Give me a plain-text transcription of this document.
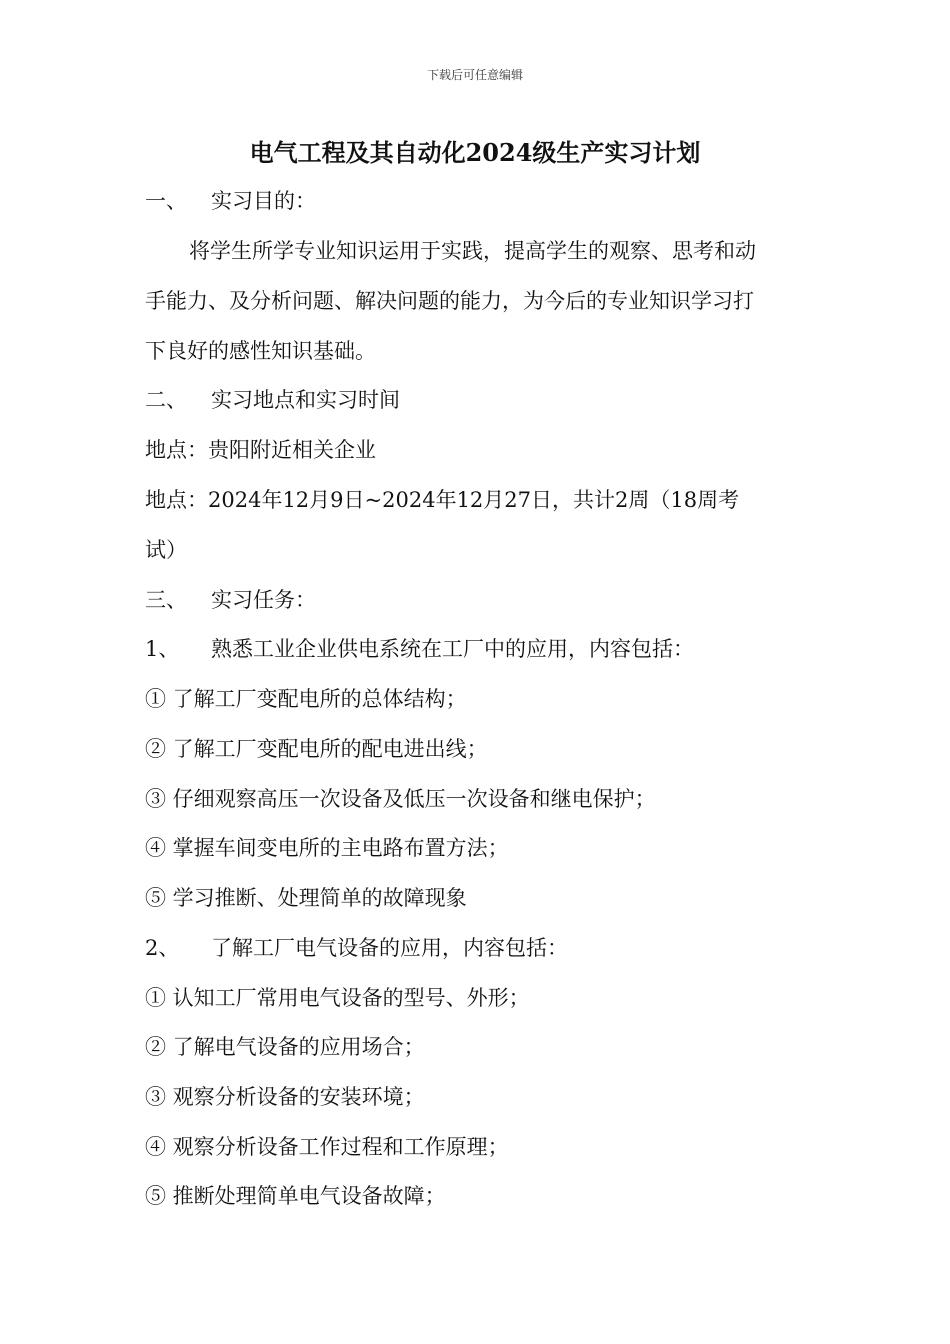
下载后可任意编辑
电气工程及其自动化2024级生产实习计划
一、 实习目的：
将学生所学专业知识运用于实践，提高学生的观察、思考和动
手能力、及分析问题、解决问题的能力，为今后的专业知识学习打
下良好的感性知识基础。
二、 实习地点和实习时间
地点：贵阳附近相关企业
地点：2024年12月9日~2024年12月27日，共计2周（18周考
试）
三、 实习任务：
1、 熟悉工业企业供电系统在工厂中的应用，内容包括：
① 了解工厂变配电所的总体结构；
② 了解工厂变配电所的配电进出线；
③ 仔细观察高压一次设备及低压一次设备和继电保护；
④ 掌握车间变电所的主电路布置方法；
⑤ 学习推断、处理简单的故障现象
2、 了解工厂电气设备的应用，内容包括：
① 认知工厂常用电气设备的型号、外形；
② 了解电气设备的应用场合；
③ 观察分析设备的安装环境；
④ 观察分析设备工作过程和工作原理；
⑤ 推断处理简单电气设备故障；
